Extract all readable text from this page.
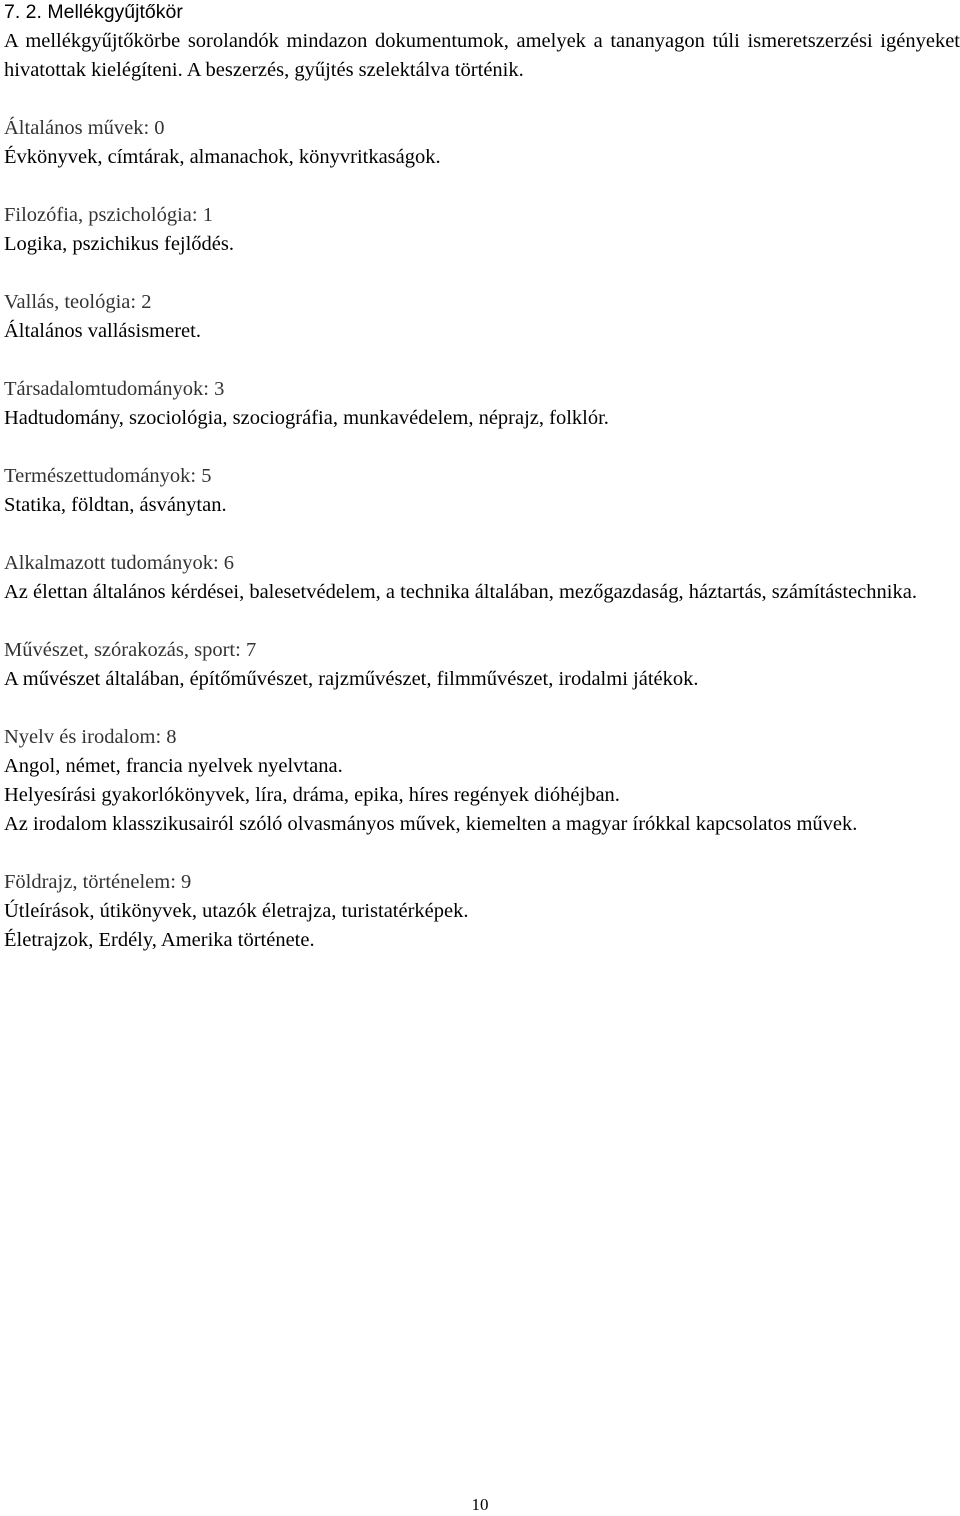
7. 2. Mellékgyűjtőkör
A mellékgyűjtőkörbe sorolandók mindazon dokumentumok, amelyek a tananyagon túli ismeretszerzési igényeket hivatottak kielégíteni. A beszerzés, gyűjtés szelektálva történik.
Általános művek: 0
Évkönyvek, címtárak, almanachok, könyvritkaságok.
Filozófia, pszichológia: 1
Logika, pszichikus fejlődés.
Vallás, teológia: 2
Általános vallásismeret.
Társadalomtudományok: 3
Hadtudomány, szociológia, szociográfia, munkavédelem, néprajz, folklór.
Természettudományok: 5
Statika, földtan, ásványtan.
Alkalmazott tudományok: 6
Az élettan általános kérdései, balesetvédelem, a technika általában, mezőgazdaság, háztartás, számítástechnika.
Művészet, szórakozás, sport: 7
A művészet általában, építőművészet, rajzművészet, filmművészet, irodalmi játékok.
Nyelv és irodalom: 8
Angol, német, francia nyelvek nyelvtana.
Helyesírási gyakorlókönyvek, líra, dráma, epika, híres regények dióhéjban.
Az irodalom klasszikusairól szóló olvasmányos művek, kiemelten a magyar írókkal kapcsolatos művek.
Földrajz, történelem: 9
Útleírások, útikönyvek, utazók életrajza, turistatérképek.
Életrajzok, Erdély, Amerika története.
10
